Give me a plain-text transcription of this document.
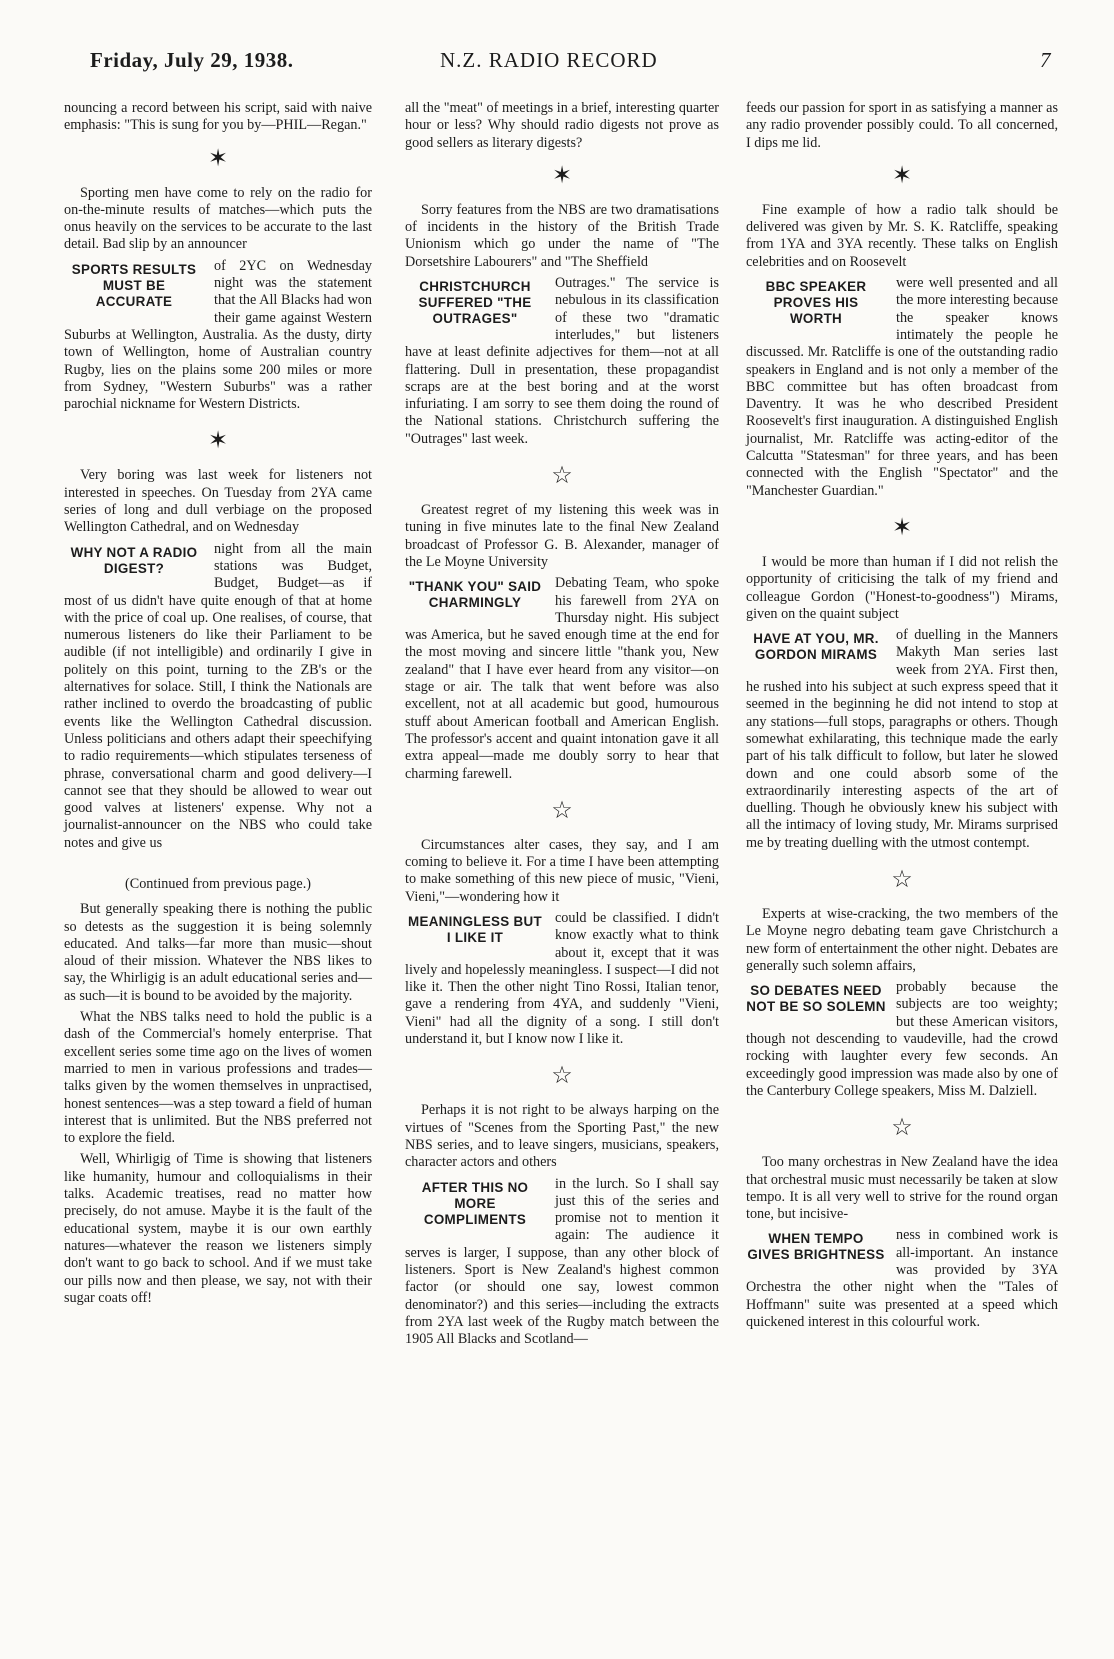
Friday, July 29, 1938.	N.Z. RADIO RECORD	7

nouncing a record between his script, said with naive emphasis: "This is sung for you by—PHIL—Regan."

✶

Sporting men have come to rely on the radio for on-the-minute results of matches—which puts the onus heavily on the services to be accurate to the last detail. Bad slip by an announcer

SPORTS RESULTS MUST BE ACCURATE

of 2YC on Wednesday night was the statement that the All Blacks had won their game against Western Suburbs at Wellington, Australia. As the dusty, dirty town of Wellington, home of Australian country Rugby, lies on the plains some 200 miles or more from Sydney, "Western Suburbs" was a rather parochial nickname for Western Districts.

✶

Very boring was last week for listeners not interested in speeches. On Tuesday from 2YA came series of long and dull verbiage on the proposed Wellington Cathedral, and on Wednesday

WHY NOT A RADIO DIGEST?

night from all the main stations was Budget, Budget, Budget—as if most of us didn't have quite enough of that at home with the price of coal up. One realises, of course, that numerous listeners do like their Parliament to be audible (if not intelligible) and ordinarily I give in politely on this point, turning to the ZB's or the alternatives for solace. Still, I think the Nationals are rather inclined to overdo the broadcasting of public events like the Wellington Cathedral discussion. Unless politicians and others adapt their speechifying to radio requirements—which stipulates terseness of phrase, conversational charm and good delivery—I cannot see that they should be allowed to wear out good valves at listeners' expense. Why not a journalist-announcer on the NBS who could take notes and give us

(Continued from previous page.)

But generally speaking there is nothing the public so detests as the suggestion it is being solemnly educated. And talks—far more than music—shout aloud of their mission. Whatever the NBS likes to say, the Whirligig is an adult educational series and—as such—it is bound to be avoided by the majority.

What the NBS talks need to hold the public is a dash of the Commercial's homely enterprise. That excellent series some time ago on the lives of women married to men in various professions and trades—talks given by the women themselves in unpractised, honest sentences—was a step toward a field of human interest that is unlimited. But the NBS preferred not to explore the field.

Well, Whirligig of Time is showing that listeners like humanity, humour and colloquialisms in their talks. Academic treatises, read no matter how precisely, do not amuse. Maybe it is the fault of the educational system, maybe it is our own earthly natures—whatever the reason we listeners simply don't want to go back to school. And if we must take our pills now and then please, we say, not with their sugar coats off!

all the "meat" of meetings in a brief, interesting quarter hour or less? Why should radio digests not prove as good sellers as literary digests?

✶

Sorry features from the NBS are two dramatisations of incidents in the history of the British Trade Unionism which go under the name of "The Dorsetshire Labourers" and "The Sheffield

CHRISTCHURCH SUFFERED "THE OUTRAGES"

Outrages." The service is nebulous in its classification of these two "dramatic interludes," but listeners have at least definite adjectives for them—not at all flattering. Dull in presentation, these propagandist scraps are at the best boring and at the worst infuriating. I am sorry to see them doing the round of the National stations. Christchurch suffering the "Outrages" last week.

☆

Greatest regret of my listening this week was in tuning in five minutes late to the final New Zealand broadcast of Professor G. B. Alexander, manager of the Le Moyne University

"THANK YOU" SAID CHARMINGLY

Debating Team, who spoke his farewell from 2YA on Thursday night. His subject was America, but he saved enough time at the end for the most moving and sincere little "thank you, New zealand" that I have ever heard from any visitor—on stage or air. The talk that went before was also excellent, not at all academic but good, humourous stuff about American football and American English. The professor's accent and quaint intonation gave it all extra appeal—made me doubly sorry to hear that charming farewell.

☆

Circumstances alter cases, they say, and I am coming to believe it. For a time I have been attempting to make something of this new piece of music, "Vieni, Vieni,"—wondering how it

MEANINGLESS BUT I LIKE IT

could be classified. I didn't know exactly what to think about it, except that it was lively and hopelessly meaningless. I suspect—I did not like it. Then the other night Tino Rossi, Italian tenor, gave a rendering from 4YA, and suddenly "Vieni, Vieni" had all the dignity of a song. I still don't understand it, but I know now I like it.

☆

Perhaps it is not right to be always harping on the virtues of "Scenes from the Sporting Past," the new NBS series, and to leave singers, musicians, speakers, character actors and others

AFTER THIS NO MORE COMPLIMENTS

in the lurch. So I shall say just this of the series and promise not to mention it again: The audience it serves is larger, I suppose, than any other block of listeners. Sport is New Zealand's highest common factor (or should one say, lowest common denominator?) and this series—including the extracts from 2YA last week of the Rugby match between the 1905 All Blacks and Scotland—

feeds our passion for sport in as satisfying a manner as any radio provender possibly could. To all concerned, I dips me lid.

✶

Fine example of how a radio talk should be delivered was given by Mr. S. K. Ratcliffe, speaking from 1YA and 3YA recently. These talks on English celebrities and on Roosevelt

BBC SPEAKER PROVES HIS WORTH

were well presented and all the more interesting because the speaker knows intimately the people he discussed. Mr. Ratcliffe is one of the outstanding radio speakers in England and is not only a member of the BBC committee but has often broadcast from Daventry. It was he who described President Roosevelt's first inauguration. A distinguished English journalist, Mr. Ratcliffe was acting-editor of the Calcutta "Statesman" for three years, and has been connected with the English "Spectator" and the "Manchester Guardian."

✶

I would be more than human if I did not relish the opportunity of criticising the talk of my friend and colleague Gordon ("Honest-to-goodness") Mirams, given on the quaint subject

HAVE AT YOU, MR. GORDON MIRAMS

of duelling in the Manners Makyth Man series last week from 2YA. First then, he rushed into his subject at such express speed that it seemed in the beginning he did not intend to stop at any stations—full stops, paragraphs or others. Though somewhat exhilarating, this technique made the early part of his talk difficult to follow, but later he slowed down and one could absorb some of the extraordinarily interesting aspects of the art of duelling. Though he obviously knew his subject with all the intimacy of loving study, Mr. Mirams surprised me by treating duelling with the utmost contempt.

☆

Experts at wise-cracking, the two members of the Le Moyne negro debating team gave Christchurch a new form of entertainment the other night. Debates are generally such solemn affairs,

SO DEBATES NEED NOT BE SO SOLEMN

probably because the subjects are too weighty; but these American visitors, though not descending to vaudeville, had the crowd rocking with laughter every few seconds. An exceedingly good impression was made also by one of the Canterbury College speakers, Miss M. Dalziell.

☆

Too many orchestras in New Zealand have the idea that orchestral music must necessarily be taken at slow tempo. It is all very well to strive for the round organ tone, but incisive-

WHEN TEMPO GIVES BRIGHTNESS

ness in combined work is all-important. An instance was provided by 3YA Orchestra the other night when the "Tales of Hoffmann" suite was presented at a speed which quickened interest in this colourful work.
